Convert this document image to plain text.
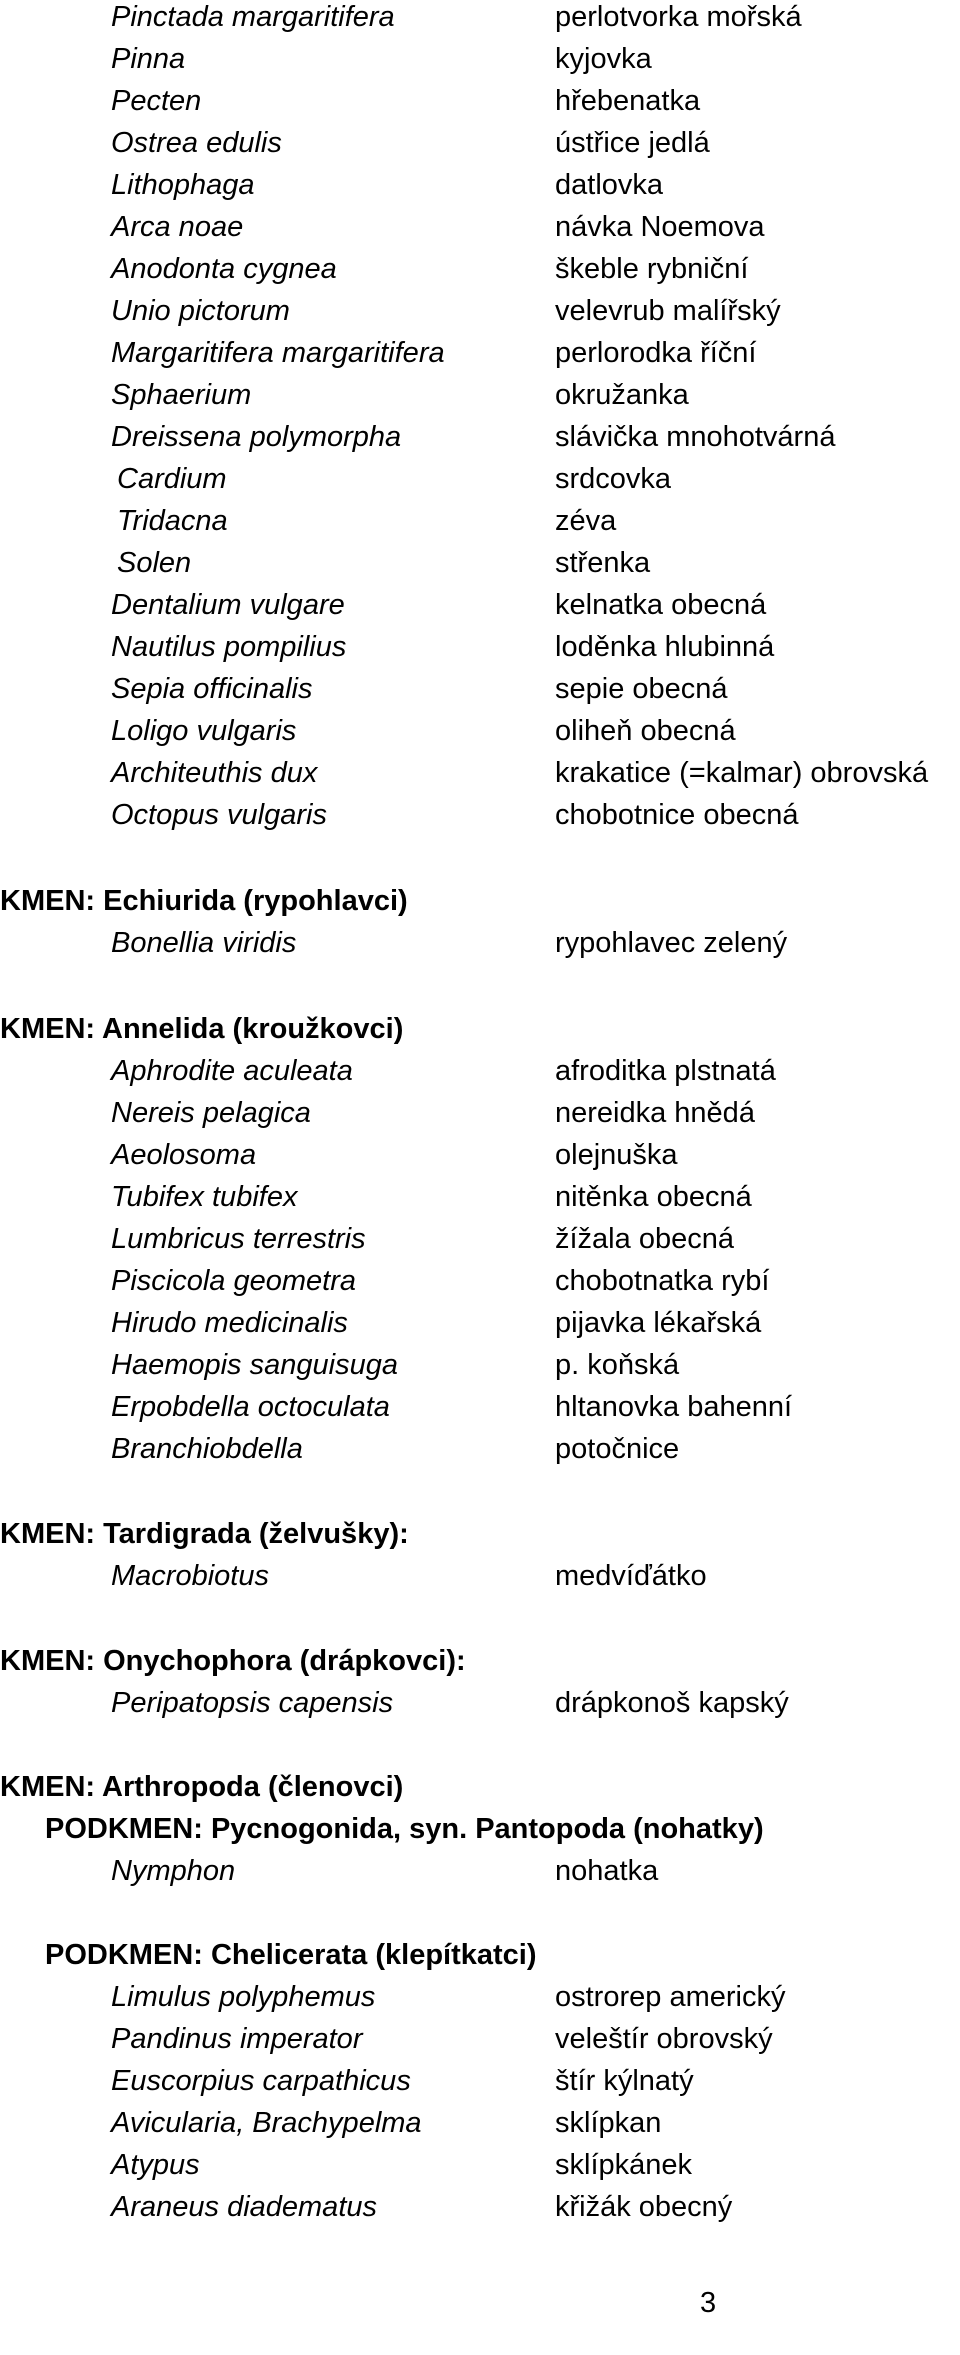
Pinctada margaritifera	perlotvorka mořská
Pinna	kyjovka
Pecten	hřebenatka
Ostrea edulis	ústřice jedlá
Lithophaga	datlovka
Arca noae	návka Noemova
Anodonta cygnea	škeble rybniční
Unio pictorum	velevrub malířský
Margaritifera margaritifera	perlorodka říční
Sphaerium	okružanka
Dreissena polymorpha	slávička mnohotvárná
Cardium	srdcovka
Tridacna	zéva
Solen	střenka
Dentalium vulgare	kelnatka obecná
Nautilus pompilius	loděnka hlubinná
Sepia officinalis	sepie obecná
Loligo vulgaris	oliheň obecná
Architeuthis dux	krakatice (=kalmar) obrovská
Octopus vulgaris	chobotnice obecná
KMEN: Echiurida (rypohlavci)
Bonellia viridis	rypohlavec zelený
KMEN: Annelida (kroužkovci)
Aphrodite aculeata	afroditka plstnatá
Nereis pelagica	nereidka hnědá
Aeolosoma	olejnuška
Tubifex tubifex	nitěnka obecná
Lumbricus terrestris	žížala obecná
Piscicola geometra	chobotnatka rybí
Hirudo medicinalis	pijavka lékařská
Haemopis sanguisuga	p. koňská
Erpobdella octoculata	hltanovka bahenní
Branchiobdella	potočnice
KMEN: Tardigrada (želvušky):
Macrobiotus	medvíďátko
KMEN: Onychophora (drápkovci):
Peripatopsis capensis	drápkonoš kapský
KMEN: Arthropoda (členovci)
PODKMEN: Pycnogonida, syn. Pantopoda (nohatky)
Nymphon	nohatka
PODKMEN: Chelicerata (klepítkatci)
Limulus polyphemus	ostrorep americký
Pandinus imperator	veleštír obrovský
Euscorpius carpathicus	štír kýlnatý
Avicularia, Brachypelma	sklípkan
Atypus	sklípkánek
Araneus diadematus	křižák obecný
3
